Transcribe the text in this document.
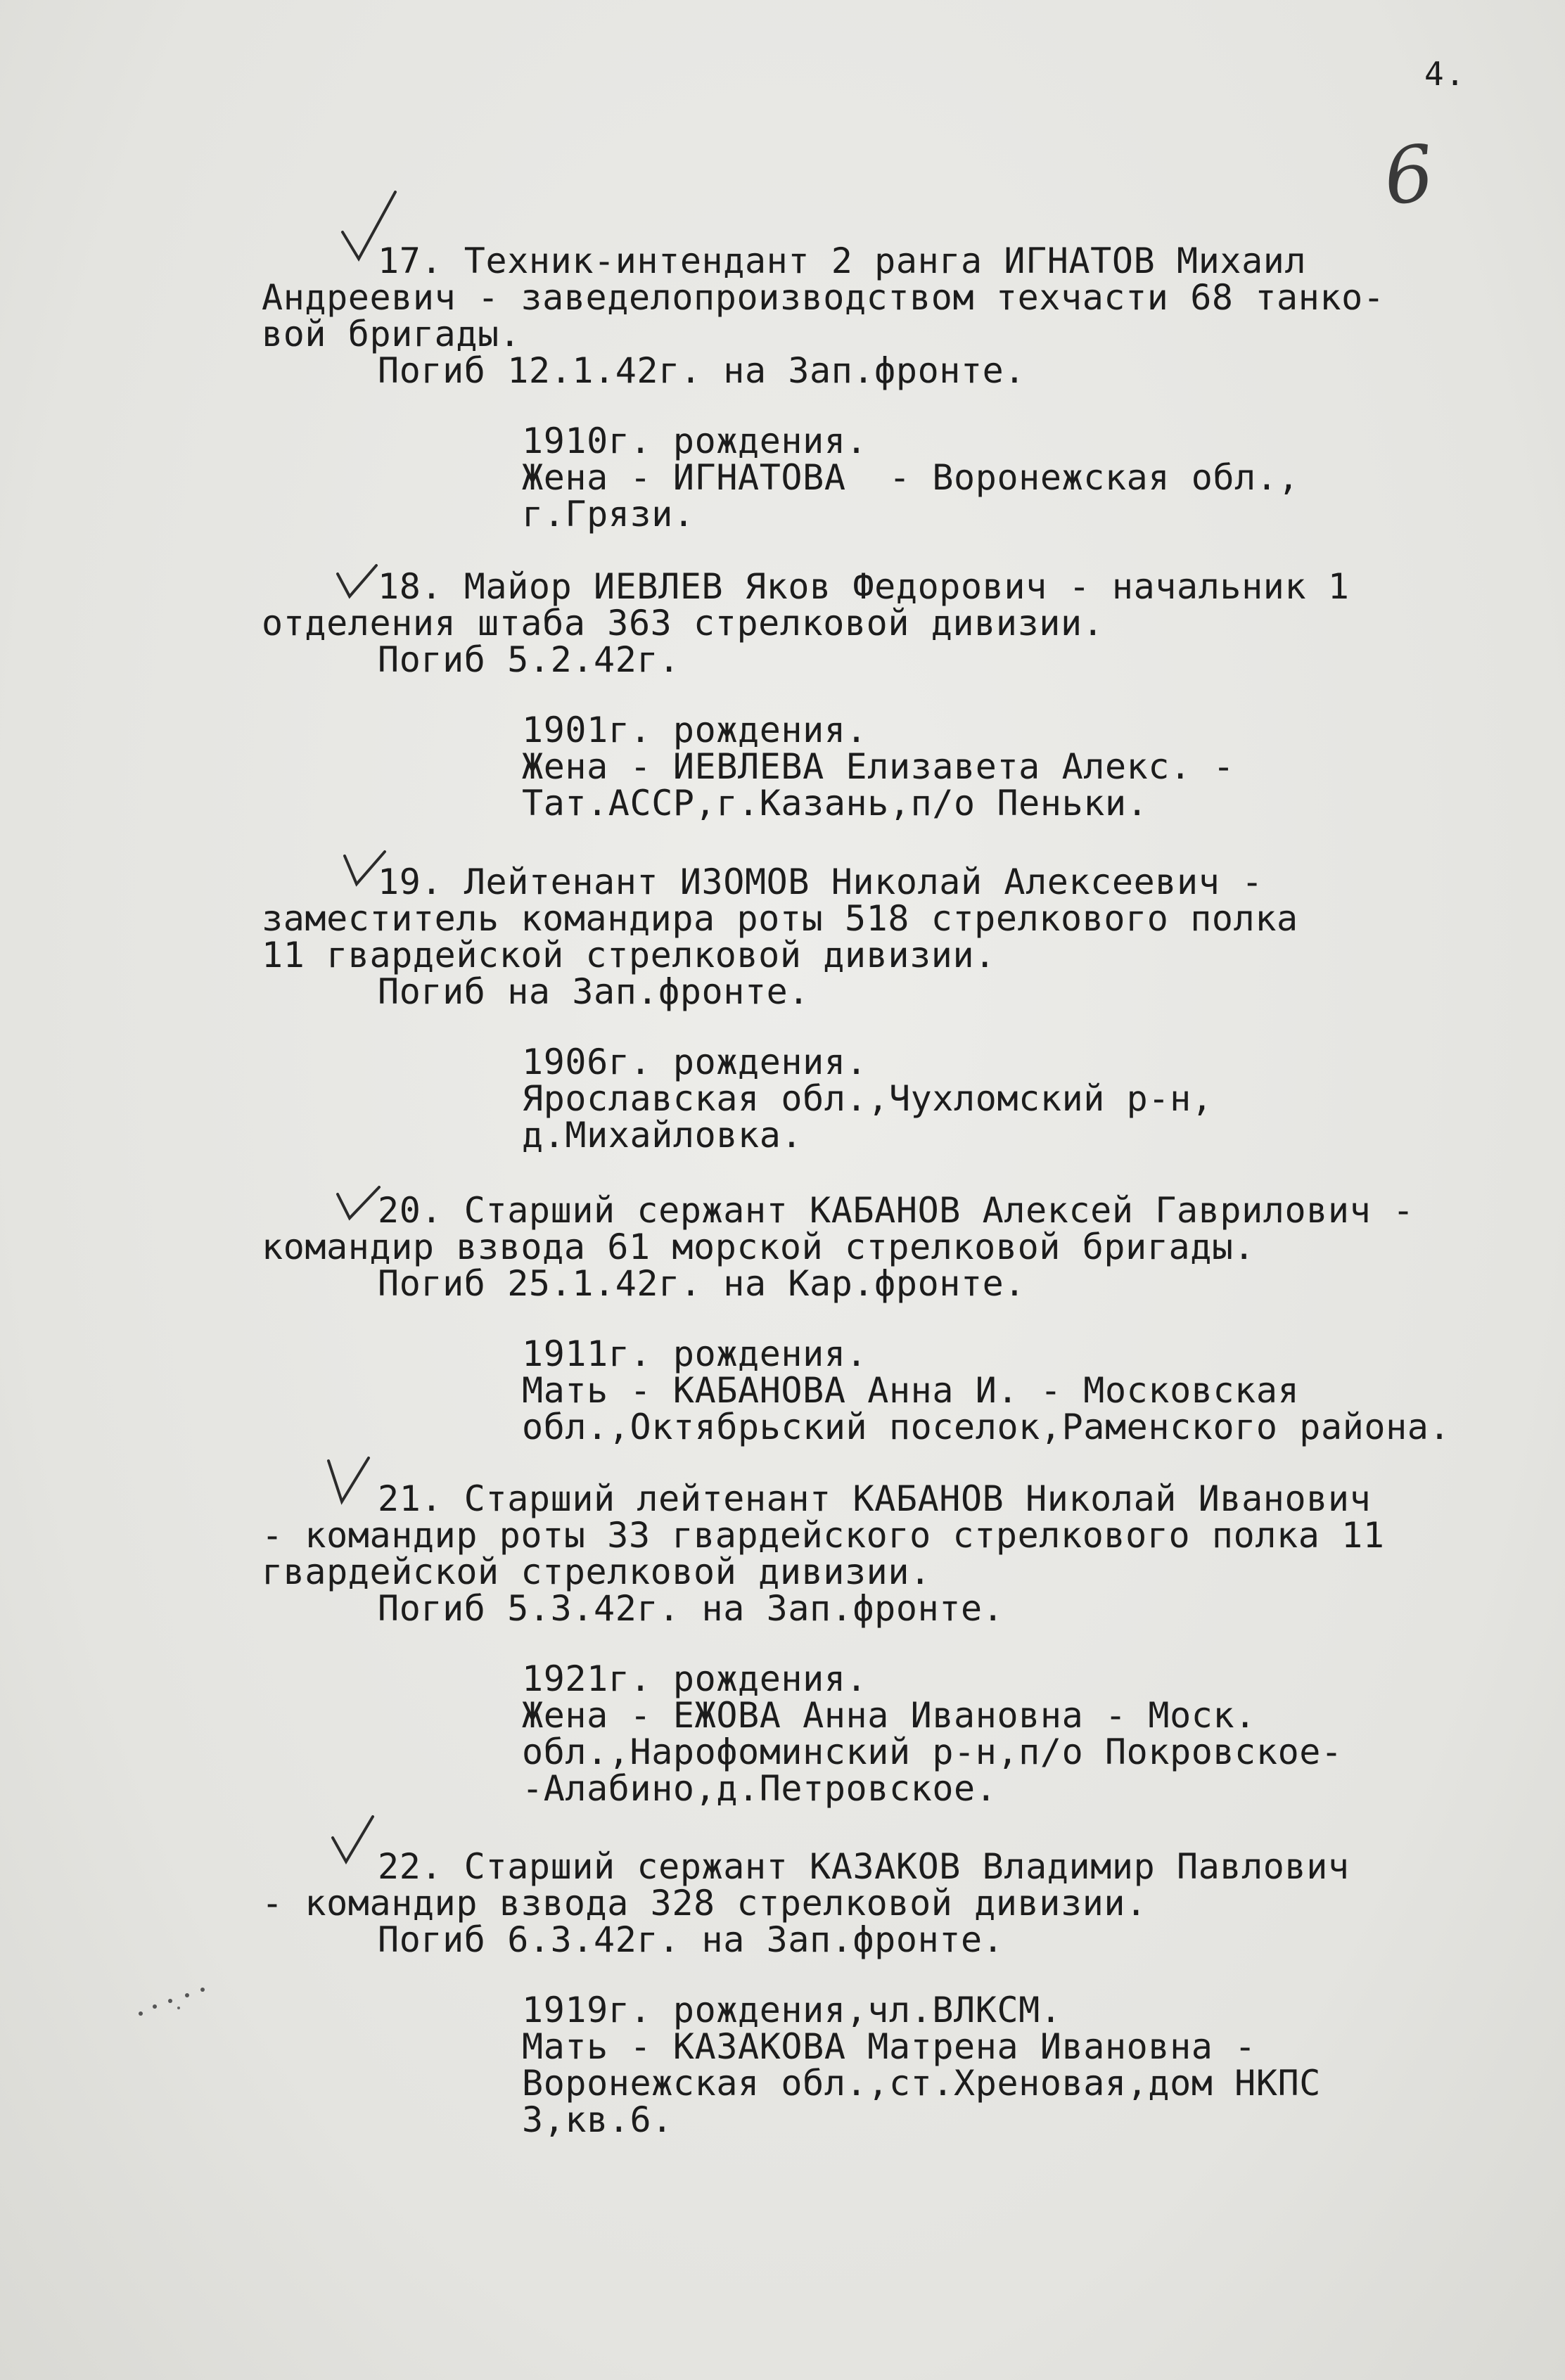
4.
6
17. Техник-интендант 2 ранга ИГНАТОВ Михаил
Андреевич - заведелопроизводством техчасти 68 танко-
вой бригады.
Погиб 12.1.42г. на Зап.фронте.
1910г. рождения.
Жена - ИГНАТОВА  - Воронежская обл.,
г.Грязи.
18. Майор ИЕВЛЕВ Яков Федорович - начальник 1
отделения штаба 363 стрелковой дивизии.
Погиб 5.2.42г.
1901г. рождения.
Жена - ИЕВЛЕВА Елизавета Алекс. -
Тат.АССР,г.Казань,п/о Пеньки.
19. Лейтенант ИЗОМОВ Николай Алексеевич -
заместитель командира роты 518 стрелкового полка
11 гвардейской стрелковой дивизии.
Погиб на Зап.фронте.
1906г. рождения.
Ярославская обл.,Чухломский р-н,
д.Михайловка.
20. Старший сержант КАБАНОВ Алексей Гаврилович -
командир взвода 61 морской стрелковой бригады.
Погиб 25.1.42г. на Кар.фронте.
1911г. рождения.
Мать - КАБАНОВА Анна И. - Московская
обл.,Октябрьский поселок,Раменского района.
21. Старший лейтенант КАБАНОВ Николай Иванович
- командир роты 33 гвардейского стрелкового полка 11
гвардейской стрелковой дивизии.
Погиб 5.3.42г. на Зап.фронте.
1921г. рождения.
Жена - ЕЖОВА Анна Ивановна - Моск.
обл.,Нарофоминский р-н,п/о Покровское-
-Алабино,д.Петровское.
22. Старший сержант КАЗАКОВ Владимир Павлович
- командир взвода 328 стрелковой дивизии.
Погиб 6.3.42г. на Зап.фронте.
1919г. рождения,чл.ВЛКСМ.
Мать - КАЗАКОВА Матрена Ивановна -
Воронежская обл.,ст.Хреновая,дом НКПС
3,кв.6.
